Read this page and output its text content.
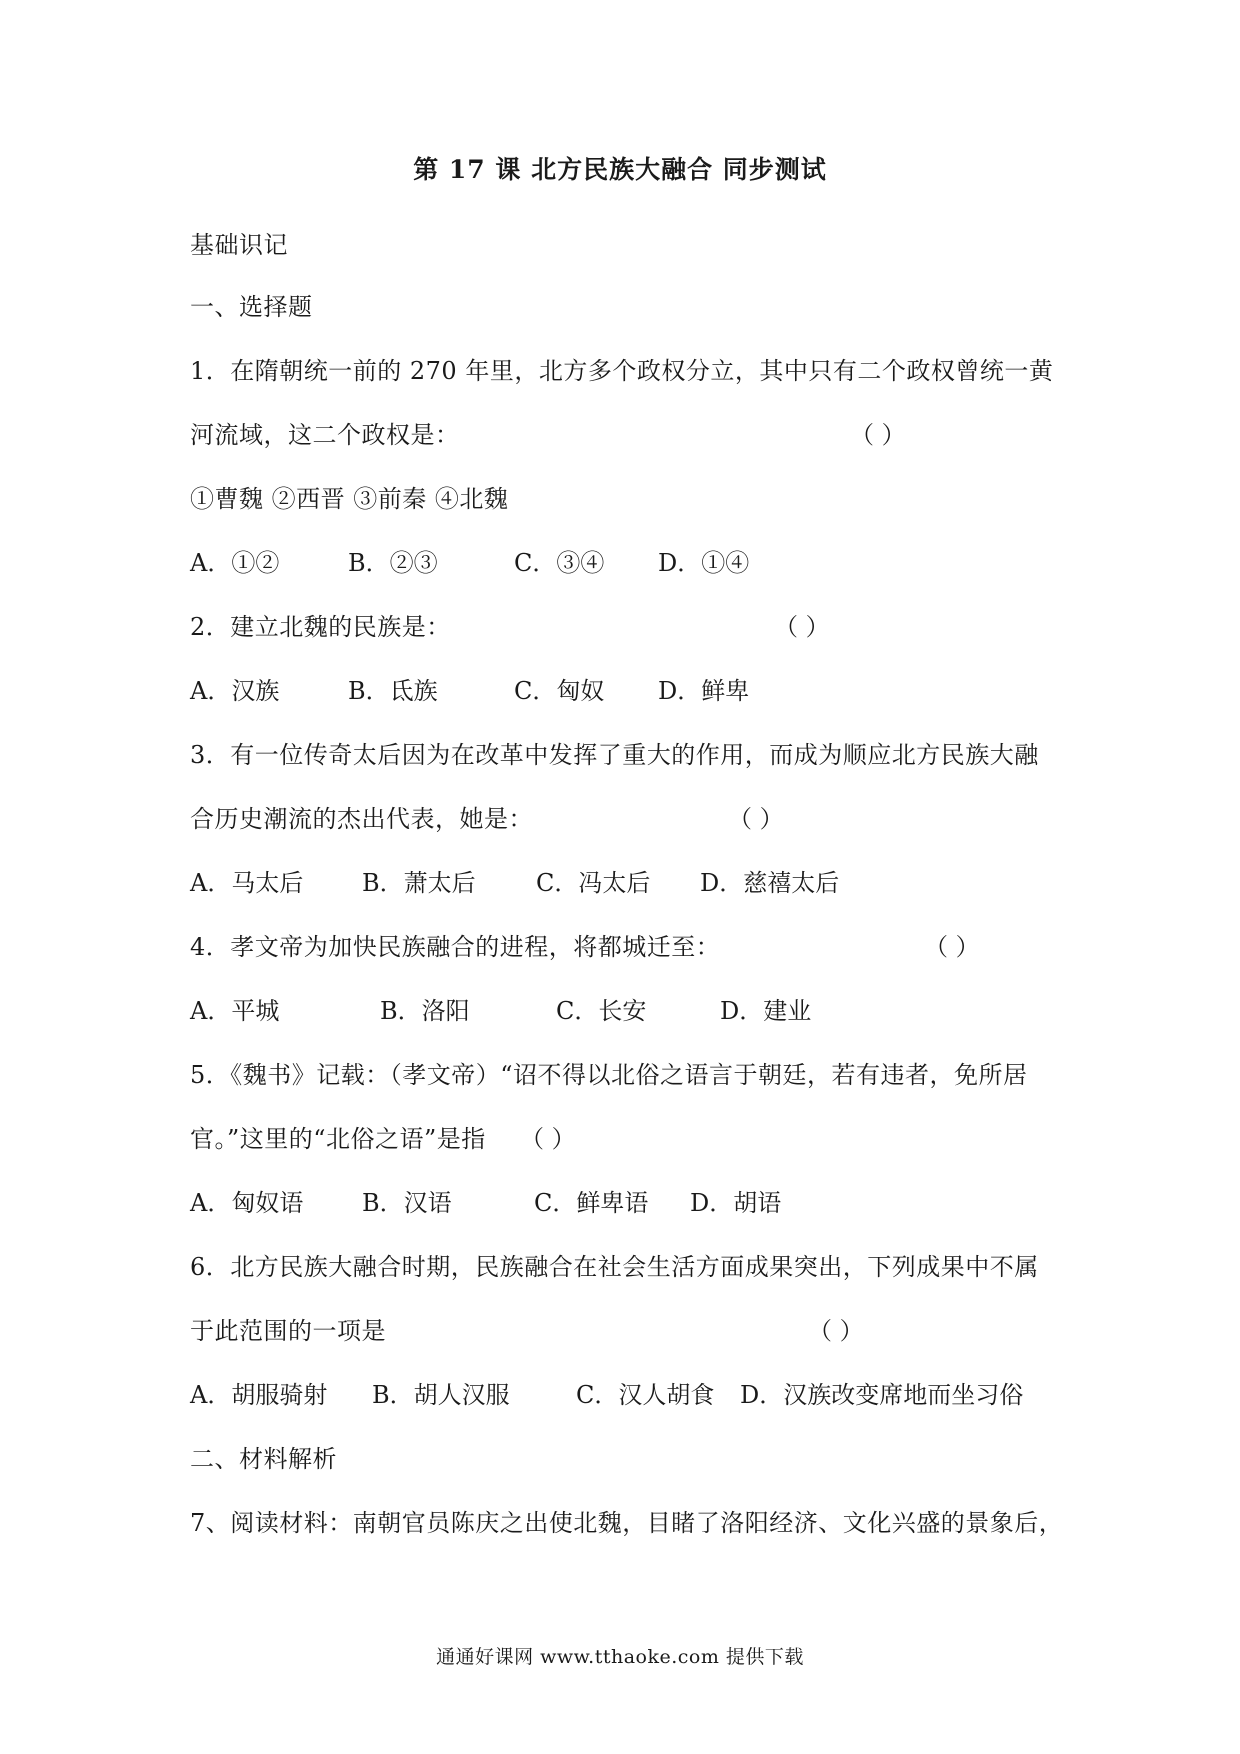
第 17 课 北方民族大融合 同步测试
基础识记
一、选择题
1．在隋朝统一前的 270 年里，北方多个政权分立，其中只有二个政权曾统一黄
河流域，这二个政权是：	（ ）
①曹魏 ②西晋 ③前秦 ④北魏
A．①②	B．②③	C．③④ D．①④
2．建立北魏的民族是：	（ ）
A．汉族	B．氐族	C．匈奴 D．鲜卑
3．有一位传奇太后因为在改革中发挥了重大的作用，而成为顺应北方民族大融
合历史潮流的杰出代表，她是：	（ ）
A．马太后 B．萧太后	C．冯太后 D．慈禧太后
4．孝文帝为加快民族融合的进程，将都城迁至：	（ ）
A．平城	B．洛阳	C．长安	D．建业
5．《魏书》记载：（孝文帝）“诏不得以北俗之语言于朝廷，若有违者，免所居
官。”这里的“北俗之语”是指 （ ）
A．匈奴语 B．汉语	C．鲜卑语 D．胡语
6．北方民族大融合时期，民族融合在社会生活方面成果突出，下列成果中不属
于此范围的一项是	（ ）
A．胡服骑射 B．胡人汉服	C．汉人胡食 D．汉族改变席地而坐习俗
二、材料解析
7、阅读材料：南朝官员陈庆之出使北魏，目睹了洛阳经济、文化兴盛的景象后，
通通好课网 www.tthaoke.com 提供下载
